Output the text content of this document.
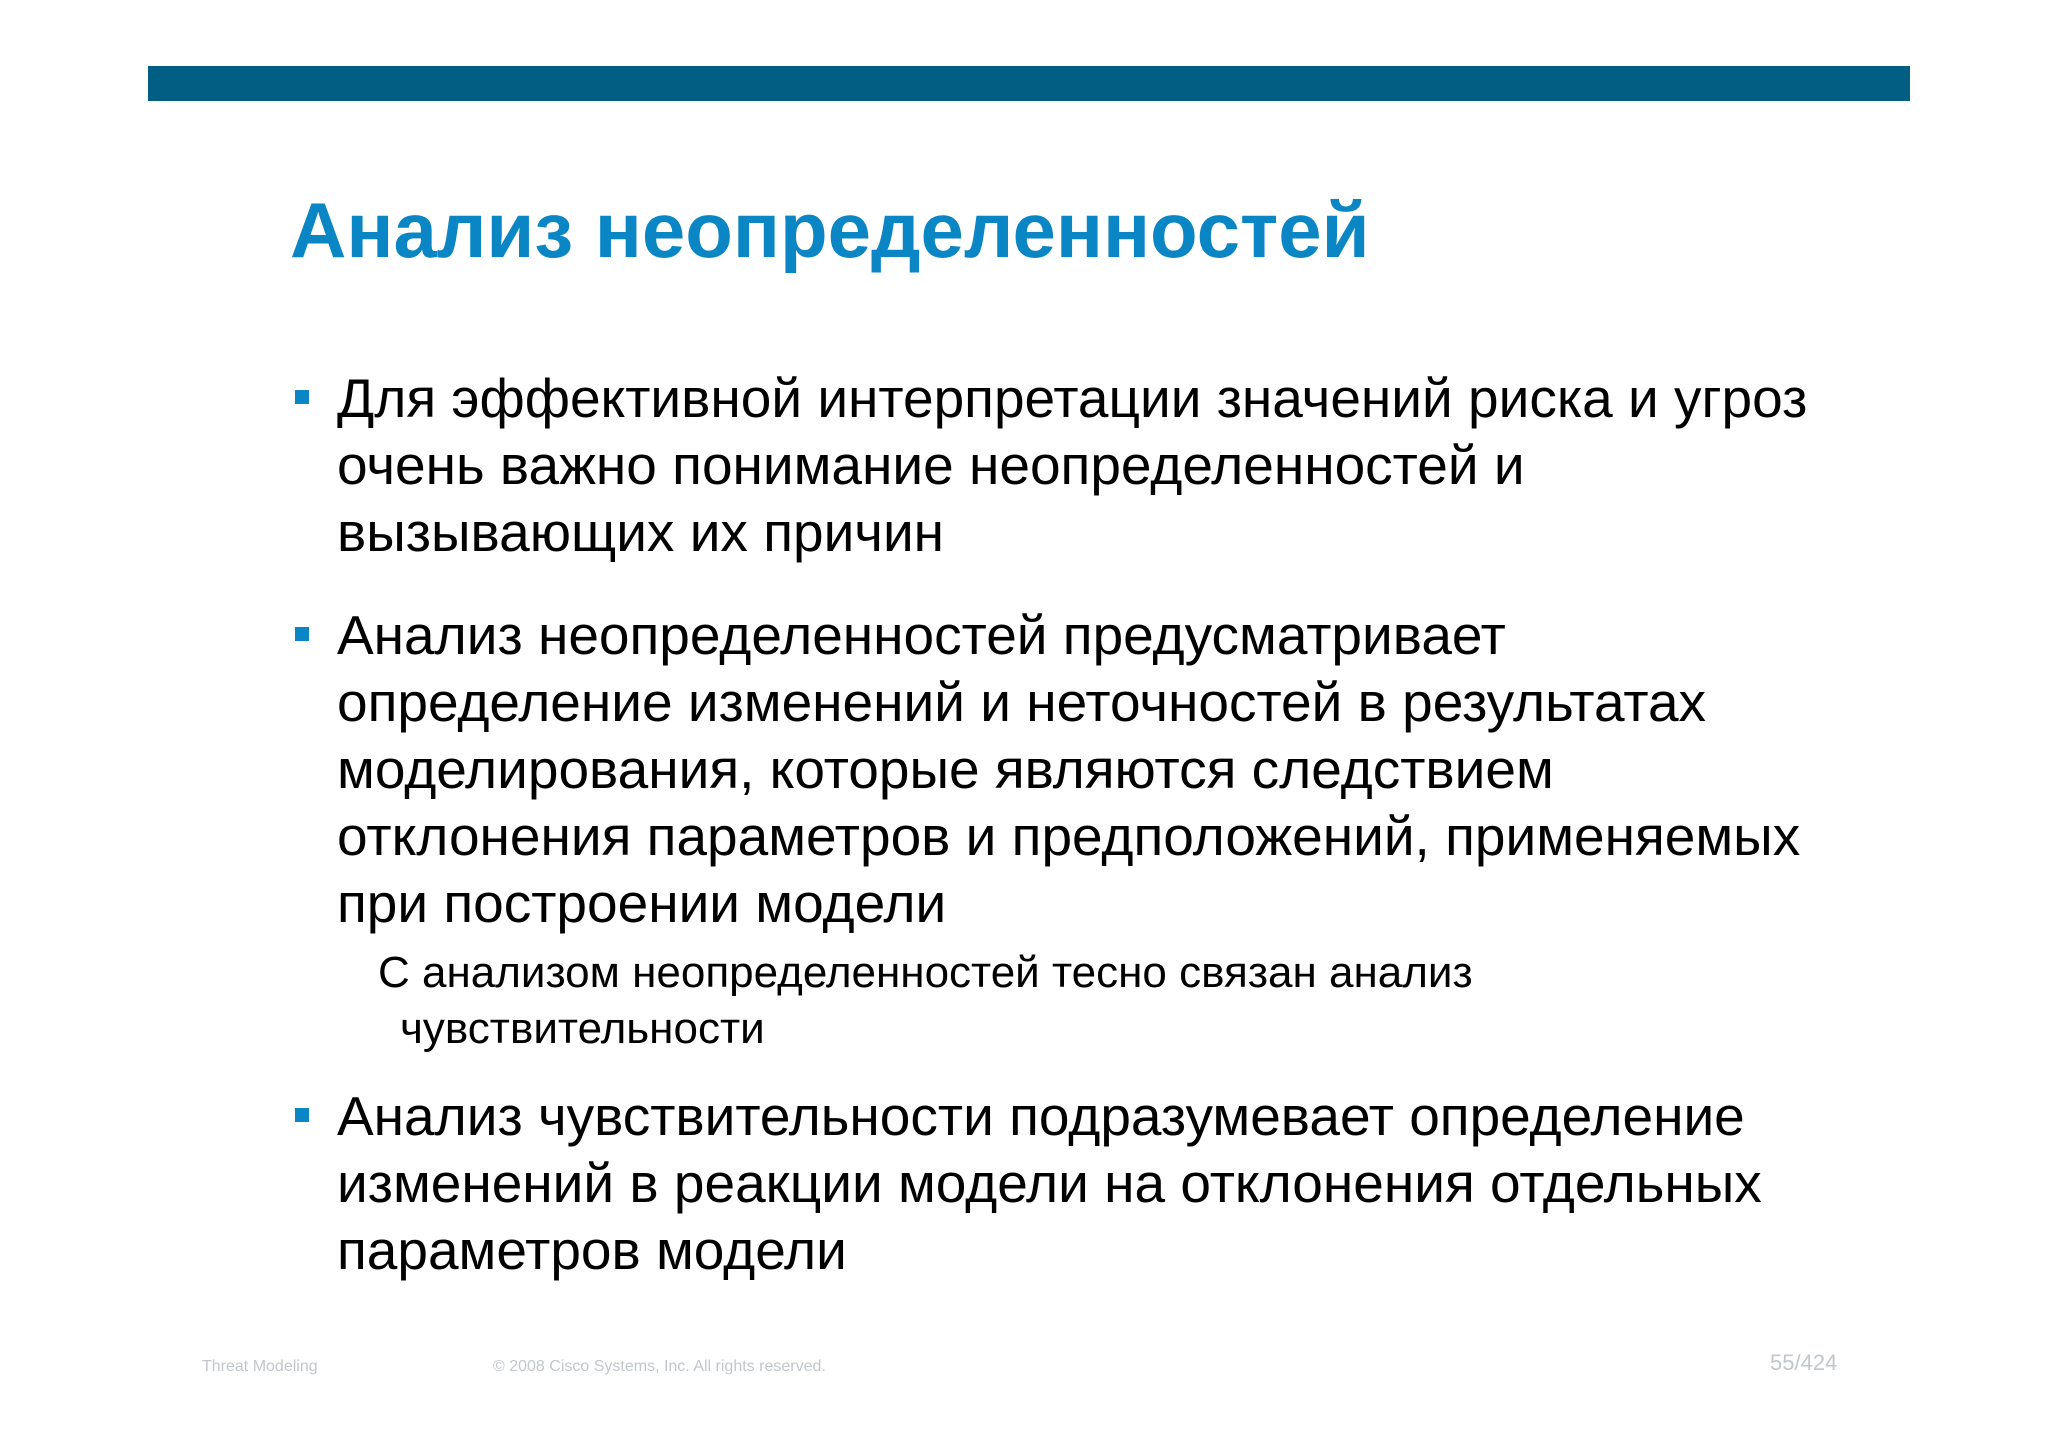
Анализ неопределенностей
Для эффективной интерпретации значений риска и угроз очень важно понимание неопределенностей и вызывающих их причин
Анализ неопределенностей предусматривает определение изменений и неточностей в результатах моделирования, которые являются следствием отклонения параметров и предположений, применяемых при построении модели
С анализом неопределенностей тесно связан анализ чувствительности
Анализ чувствительности подразумевает определение изменений в реакции модели на отклонения отдельных параметров модели
Threat Modeling	© 2008 Cisco Systems, Inc. All rights reserved.	55/424
